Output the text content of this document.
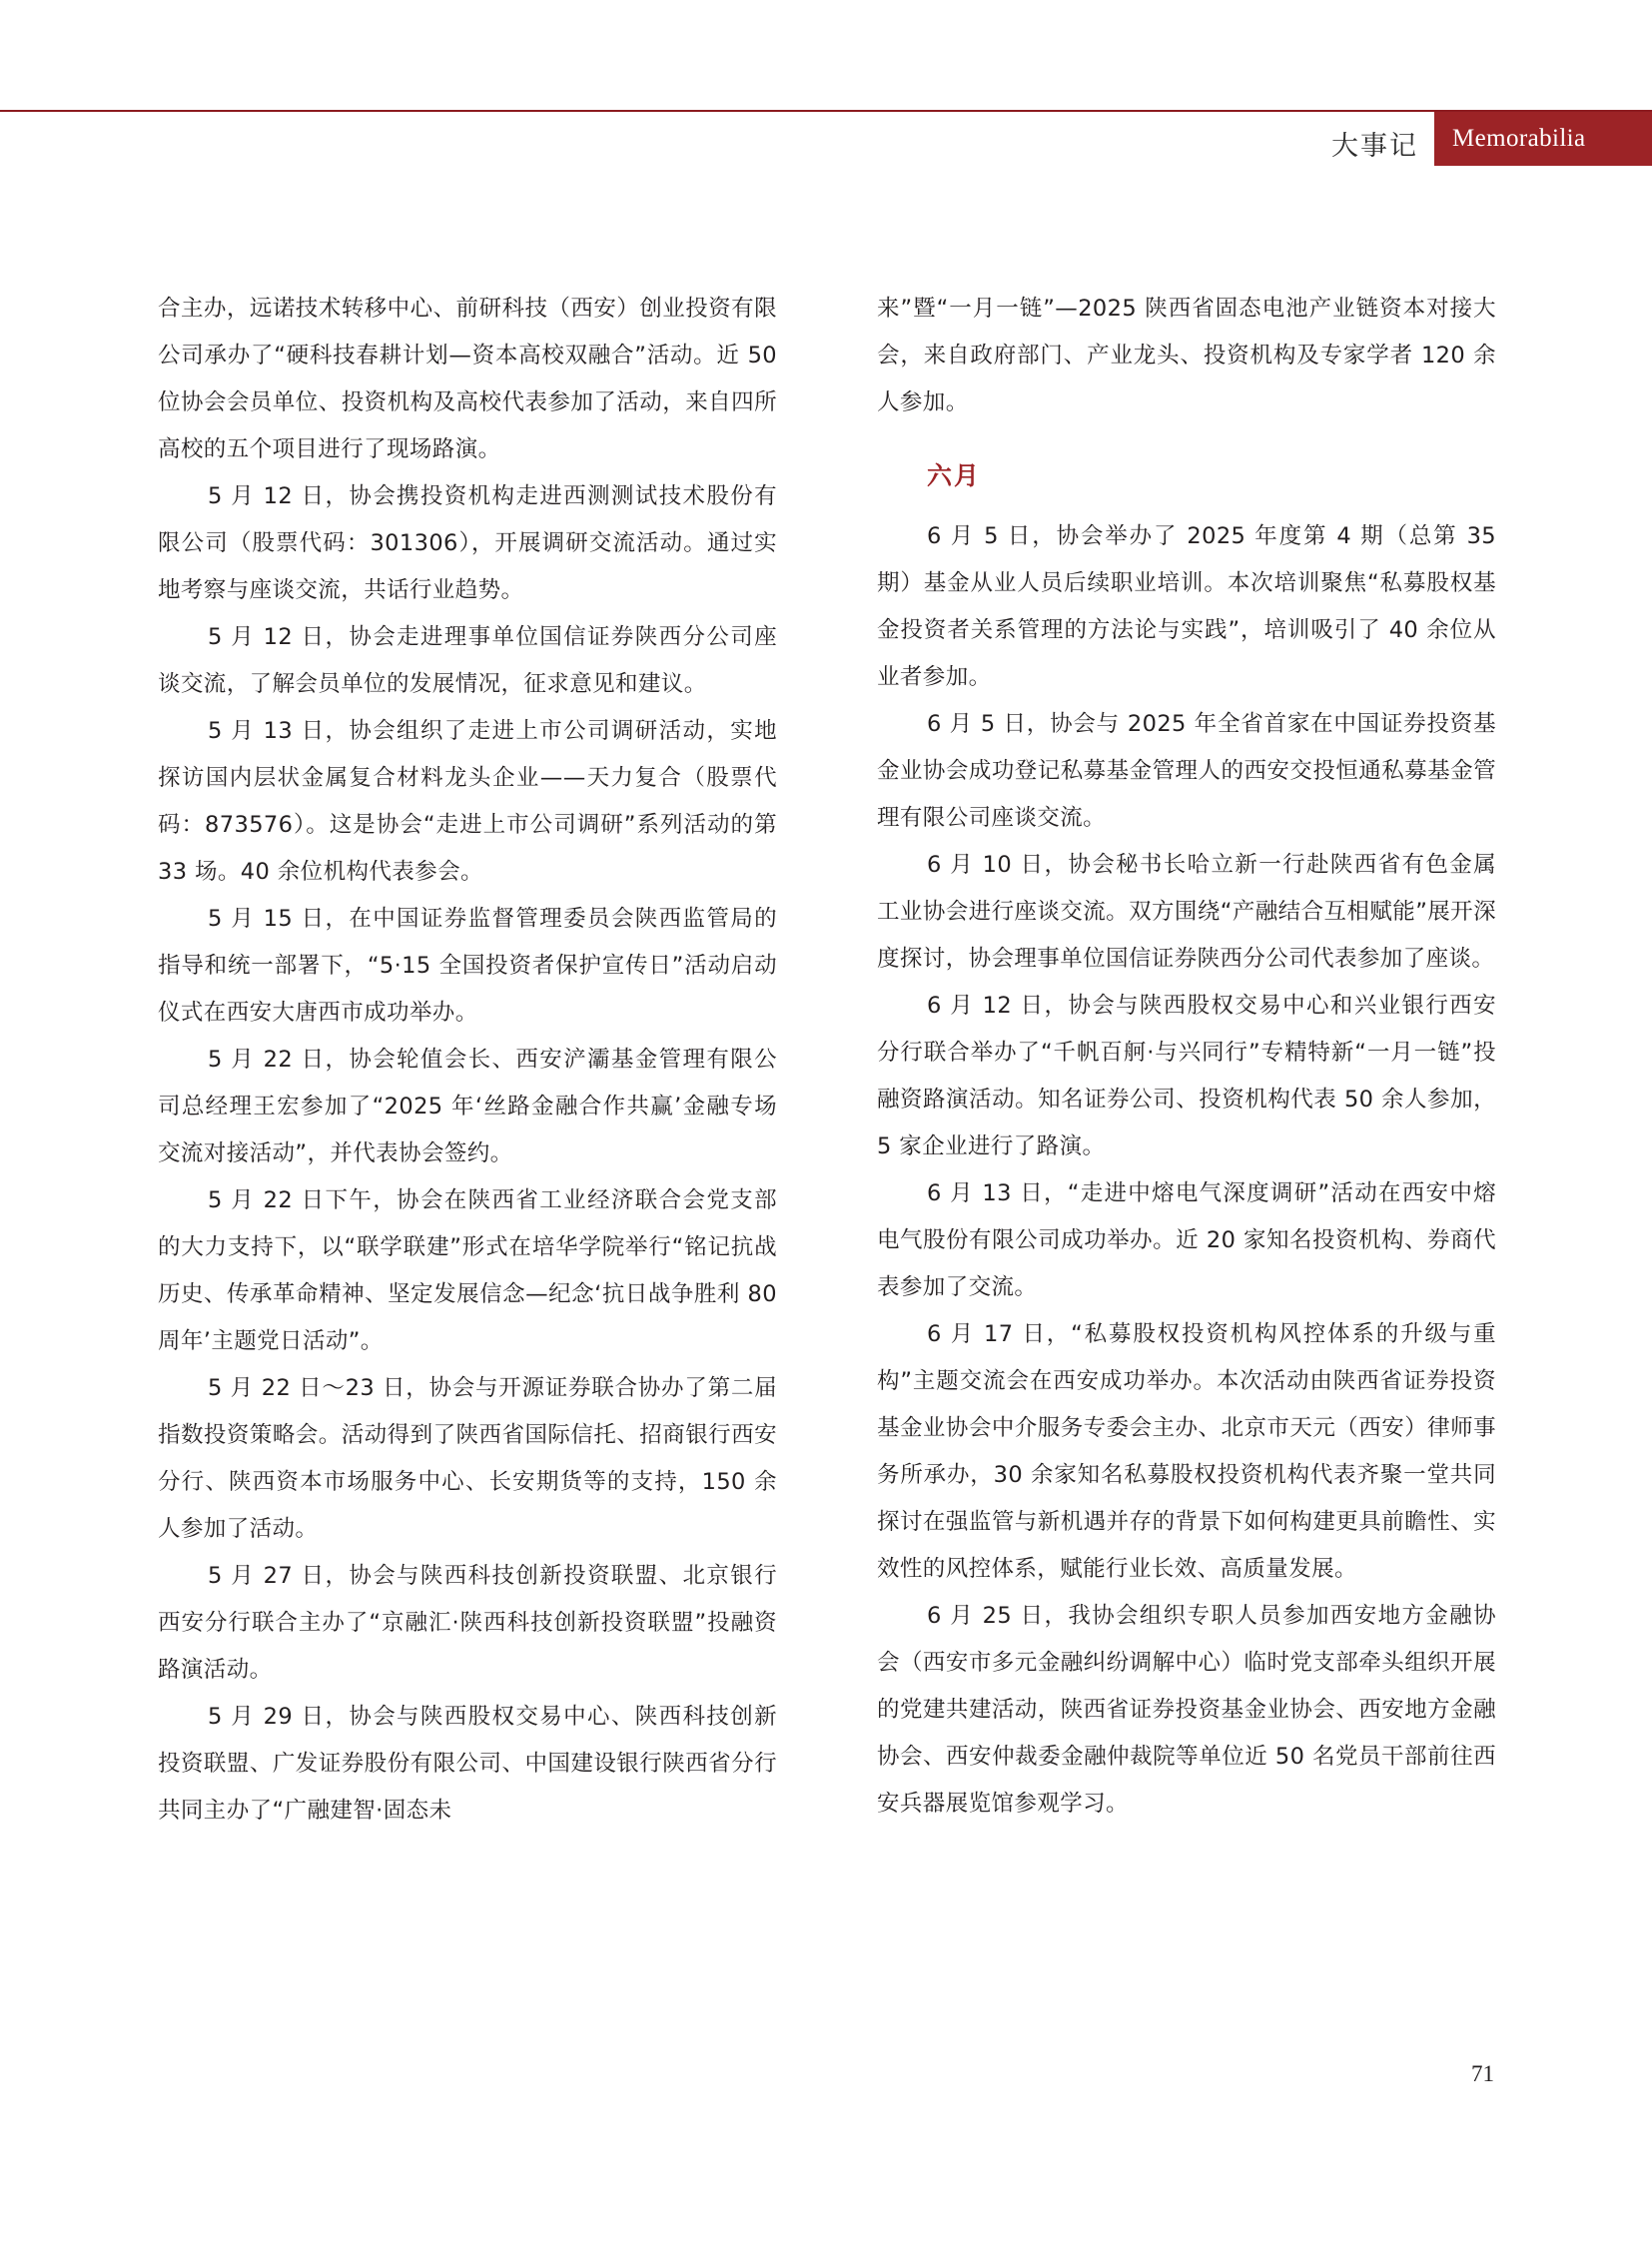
大事记 Memorabilia

合主办，远诺技术转移中心、前研科技（西安）创业投资有限公司承办了“硬科技春耕计划—资本高校双融合”活动。近 50 位协会会员单位、投资机构及高校代表参加了活动，来自四所高校的五个项目进行了现场路演。

5 月 12 日，协会携投资机构走进西测测试技术股份有限公司（股票代码：301306），开展调研交流活动。通过实地考察与座谈交流，共话行业趋势。

5 月 12 日，协会走进理事单位国信证券陕西分公司座谈交流，了解会员单位的发展情况，征求意见和建议。

5 月 13 日，协会组织了走进上市公司调研活动，实地探访国内层状金属复合材料龙头企业——天力复合（股票代码：873576）。这是协会“走进上市公司调研”系列活动的第 33 场。40 余位机构代表参会。

5 月 15 日，在中国证券监督管理委员会陕西监管局的指导和统一部署下，“5·15 全国投资者保护宣传日”活动启动仪式在西安大唐西市成功举办。

5 月 22 日，协会轮值会长、西安浐灞基金管理有限公司总经理王宏参加了“2025 年‘丝路金融合作共赢’金融专场交流对接活动”，并代表协会签约。

5 月 22 日下午，协会在陕西省工业经济联合会党支部的大力支持下，以“联学联建”形式在培华学院举行“铭记抗战历史、传承革命精神、坚定发展信念—纪念‘抗日战争胜利 80 周年’主题党日活动”。

5 月 22 日～23 日，协会与开源证券联合协办了第二届指数投资策略会。活动得到了陕西省国际信托、招商银行西安分行、陕西资本市场服务中心、长安期货等的支持，150 余人参加了活动。

5 月 27 日，协会与陕西科技创新投资联盟、北京银行西安分行联合主办了“京融汇·陕西科技创新投资联盟”投融资路演活动。

5 月 29 日，协会与陕西股权交易中心、陕西科技创新投资联盟、广发证券股份有限公司、中国建设银行陕西省分行共同主办了“广融建智·固态未

来”暨“一月一链”—2025 陕西省固态电池产业链资本对接大会，来自政府部门、产业龙头、投资机构及专家学者 120 余人参加。

六月

6 月 5 日，协会举办了 2025 年度第 4 期（总第 35 期）基金从业人员后续职业培训。本次培训聚焦“私募股权基金投资者关系管理的方法论与实践”，培训吸引了 40 余位从业者参加。

6 月 5 日，协会与 2025 年全省首家在中国证券投资基金业协会成功登记私募基金管理人的西安交投恒通私募基金管理有限公司座谈交流。

6 月 10 日，协会秘书长哈立新一行赴陕西省有色金属工业协会进行座谈交流。双方围绕“产融结合互相赋能”展开深度探讨，协会理事单位国信证券陕西分公司代表参加了座谈。

6 月 12 日，协会与陕西股权交易中心和兴业银行西安分行联合举办了“千帆百舸·与兴同行”专精特新“一月一链”投融资路演活动。知名证券公司、投资机构代表 50 余人参加，5 家企业进行了路演。

6 月 13 日，“走进中熔电气深度调研”活动在西安中熔电气股份有限公司成功举办。近 20 家知名投资机构、券商代表参加了交流。

6 月 17 日，“私募股权投资机构风控体系的升级与重构”主题交流会在西安成功举办。本次活动由陕西省证券投资基金业协会中介服务专委会主办、北京市天元（西安）律师事务所承办，30 余家知名私募股权投资机构代表齐聚一堂共同探讨在强监管与新机遇并存的背景下如何构建更具前瞻性、实效性的风控体系，赋能行业长效、高质量发展。

6 月 25 日，我协会组织专职人员参加西安地方金融协会（西安市多元金融纠纷调解中心）临时党支部牵头组织开展的党建共建活动，陕西省证券投资基金业协会、西安地方金融协会、西安仲裁委金融仲裁院等单位近 50 名党员干部前往西安兵器展览馆参观学习。

71
